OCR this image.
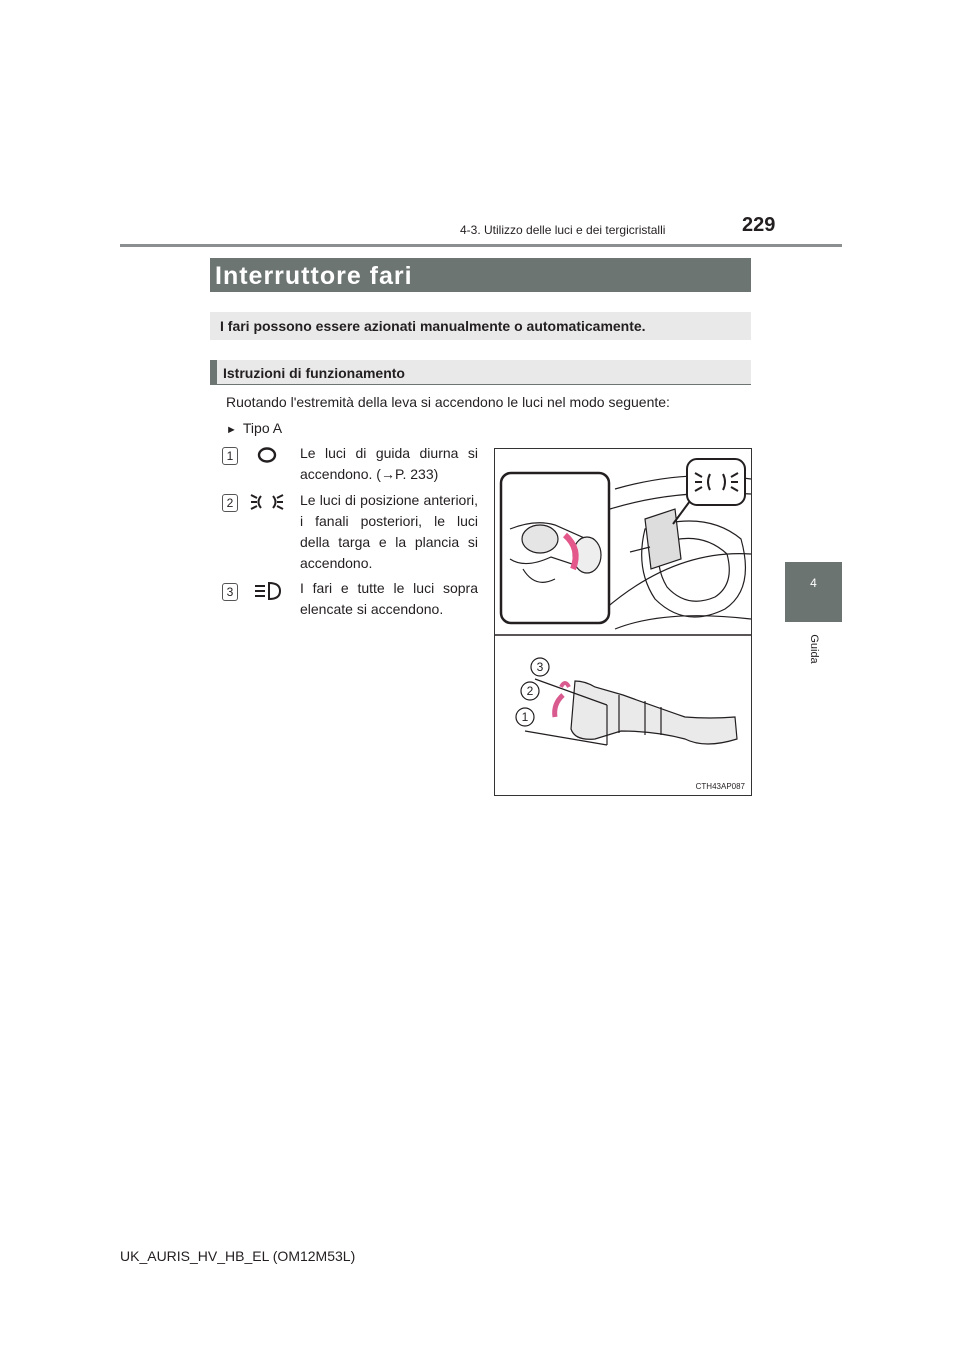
4-3. Utilizzo delle luci e dei tergicristalli	229
4
Guida
Interruttore fari
I fari possono essere azionati manualmente o automaticamente.
Istruzioni di funzionamento
Ruotando l'estremità della leva si accendono le luci nel modo seguente:
► Tipo A
1	Le luci di guida diurna si accendono. (→P. 233)
2	Le luci di posizione anteriori, i fanali posteriori, le luci della targa e la plancia si accendono.
3	I fari e tutte le luci sopra elencate si accendono.
3
2
1
CTH43AP087
UK_AURIS_HV_HB_EL (OM12M53L)
